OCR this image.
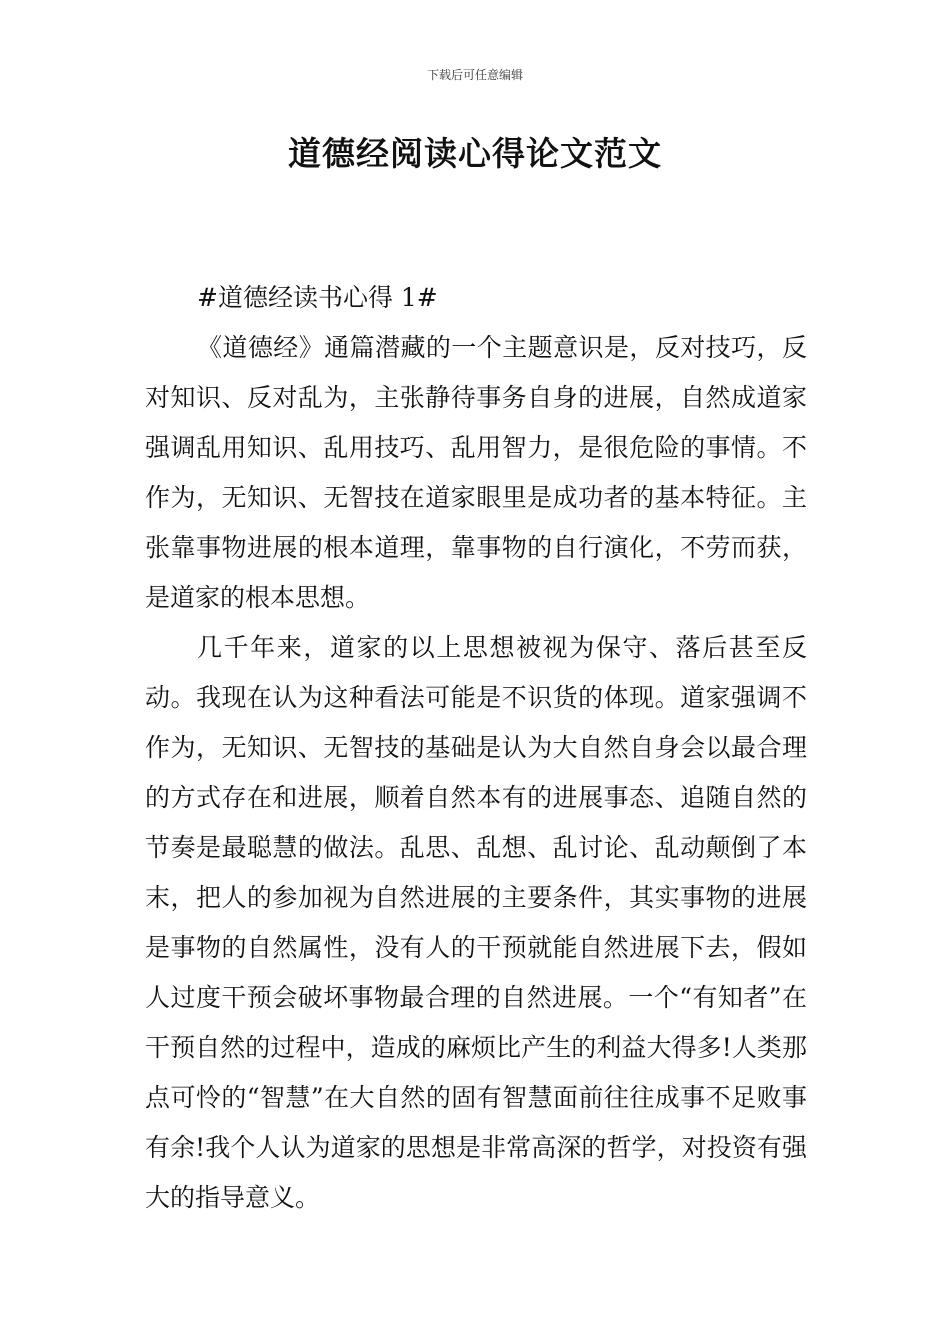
下载后可任意编辑
道德经阅读心得论文范文

#道德经读书心得 1#

《道德经》通篇潜藏的一个主题意识是，反对技巧，反对知识、反对乱为，主张静待事务自身的进展，自然成道家强调乱用知识、乱用技巧、乱用智力，是很危险的事情。不作为，无知识、无智技在道家眼里是成功者的基本特征。主张靠事物进展的根本道理，靠事物的自行演化，不劳而获，是道家的根本思想。

几千年来，道家的以上思想被视为保守、落后甚至反动。我现在认为这种看法可能是不识货的体现。道家强调不作为，无知识、无智技的基础是认为大自然自身会以最合理的方式存在和进展，顺着自然本有的进展事态、追随自然的节奏是最聪慧的做法。乱思、乱想、乱讨论、乱动颠倒了本末，把人的参加视为自然进展的主要条件，其实事物的进展是事物的自然属性，没有人的干预就能自然进展下去，假如人过度干预会破坏事物最合理的自然进展。一个“有知者”在干预自然的过程中，造成的麻烦比产生的利益大得多!人类那点可怜的“智慧”在大自然的固有智慧面前往往成事不足败事有余!我个人认为道家的思想是非常高深的哲学，对投资有强大的指导意义。
